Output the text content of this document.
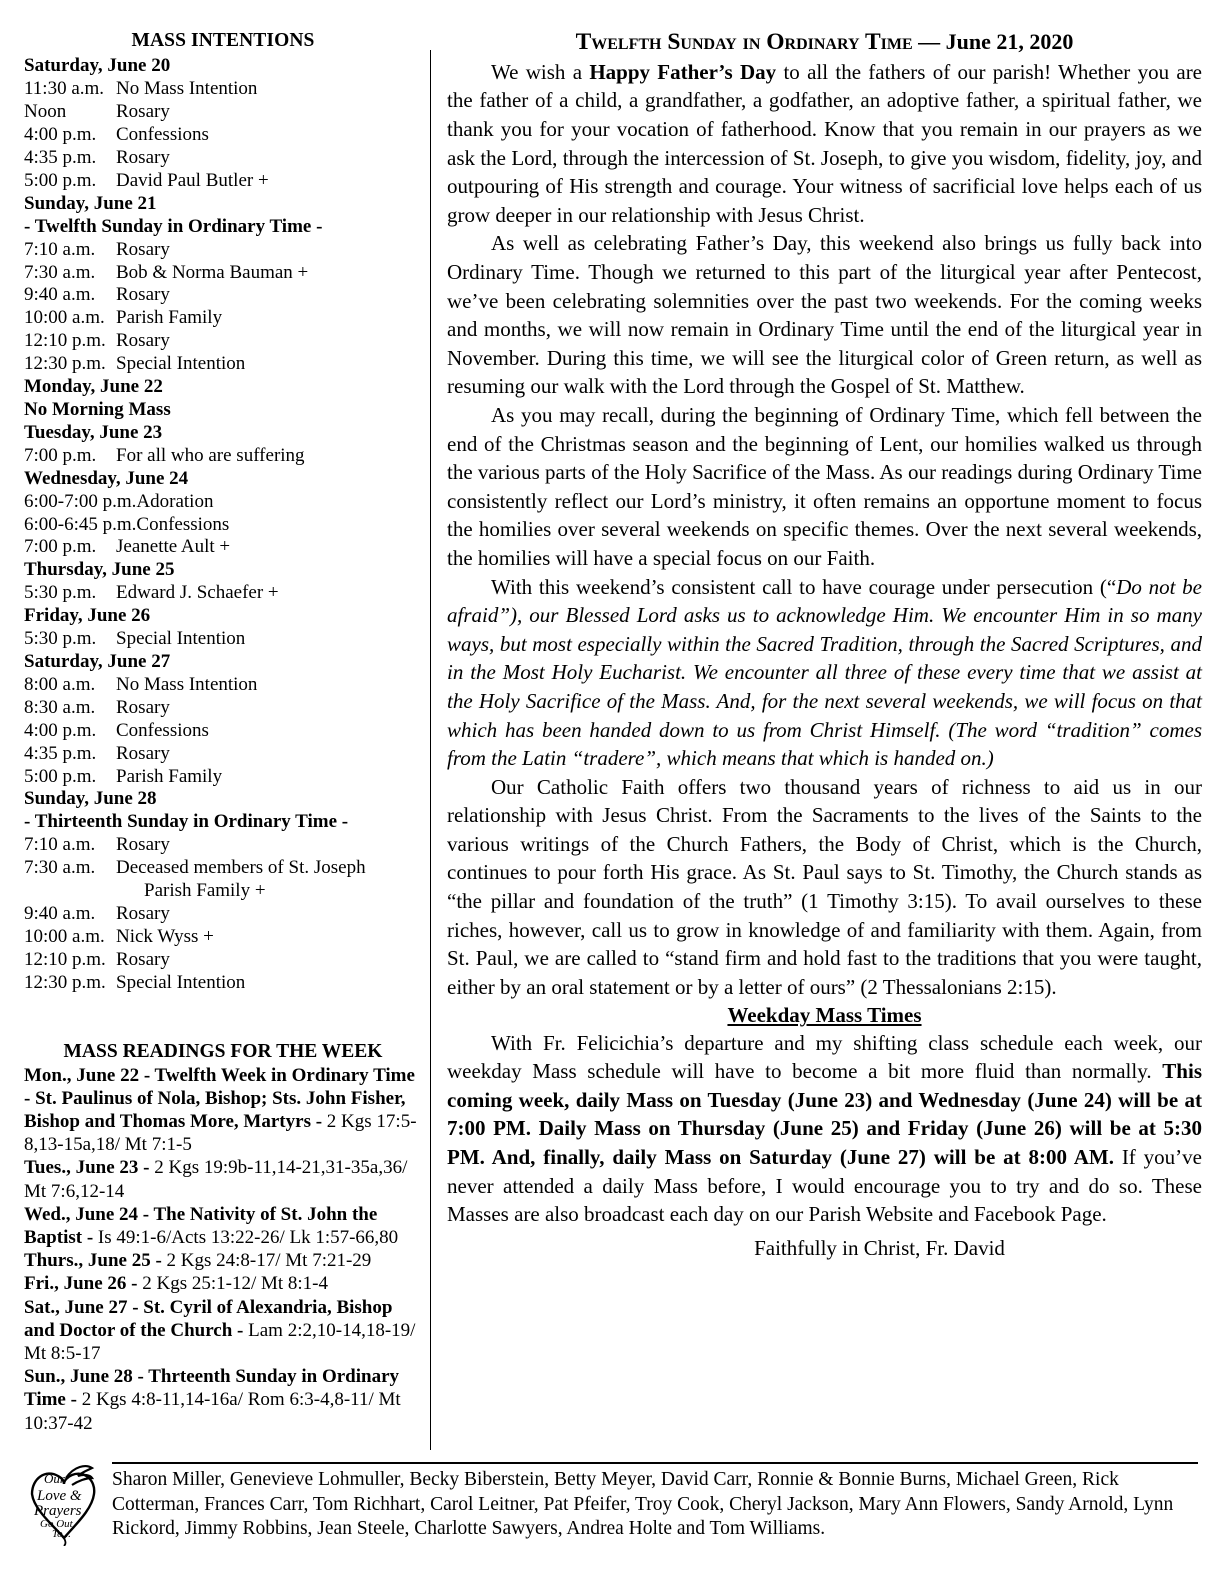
MASS INTENTIONS
Saturday, June 20
11:30 a.m. No Mass Intention
Noon	Rosary
4:00 p.m. Confessions
4:35 p.m. Rosary
5:00 p.m. David Paul Butler +
Sunday, June 21
- Twelfth Sunday in Ordinary Time -
7:10 a.m. Rosary
7:30 a.m. Bob & Norma Bauman +
9:40 a.m. Rosary
10:00 a.m. Parish Family
12:10 p.m. Rosary
12:30 p.m. Special Intention
Monday, June 22
No Morning Mass
Tuesday, June 23
7:00 p.m. For all who are suffering
Wednesday, June 24
6:00-7:00 p.m.Adoration
6:00-6:45 p.m.Confessions
7:00 p.m. Jeanette Ault +
Thursday, June 25
5:30 p.m. Edward J. Schaefer +
Friday, June 26
5:30 p.m. Special Intention
Saturday, June 27
8:00 a.m. No Mass Intention
8:30 a.m. Rosary
4:00 p.m. Confessions
4:35 p.m. Rosary
5:00 p.m. Parish Family
Sunday, June 28
- Thirteenth Sunday in Ordinary Time -
7:10 a.m. Rosary
7:30 a.m. Deceased members of St. Joseph
Parish Family +
9:40 a.m. Rosary
10:00 a.m. Nick Wyss +
12:10 p.m. Rosary
12:30 p.m. Special Intention
MASS READINGS FOR THE WEEK

Mon., June 22 - Twelfth Week in Ordinary Time - St. Paulinus of Nola, Bishop; Sts. John Fisher, Bishop and Thomas More, Martyrs - 2 Kgs 17:5-8,13-15a,18/ Mt 7:1-5

Tues., June 23 - 2 Kgs 19:9b-11,14-21,31-35a,36/ Mt 7:6,12-14

Wed., June 24 - The Nativity of St. John the Baptist - Is 49:1-6/Acts 13:22-26/ Lk 1:57-66,80

Thurs., June 25 - 2 Kgs 24:8-17/ Mt 7:21-29

Fri., June 26 - 2 Kgs 25:1-12/ Mt 8:1-4

Sat., June 27 - St. Cyril of Alexandria, Bishop and Doctor of the Church - Lam 2:2,10-14,18-19/ Mt 8:5-17

Sun., June 28 - Thrteenth Sunday in Ordinary Time - 2 Kgs 4:8-11,14-16a/ Rom 6:3-4,8-11/ Mt 10:37-42

Twelfth Sunday in Ordinary Time — June 21, 2020

We wish a Happy Father’s Day to all the fathers of our parish! Whether you are the father of a child, a grandfather, a godfather, an adoptive father, a spiritual father, we thank you for your vocation of fatherhood. Know that you remain in our prayers as we ask the Lord, through the intercession of St. Joseph, to give you wisdom, fidelity, joy, and outpouring of His strength and courage. Your witness of sacrificial love helps each of us grow deeper in our relationship with Jesus Christ.

As well as celebrating Father’s Day, this weekend also brings us fully back into Ordinary Time. Though we returned to this part of the liturgical year after Pentecost, we’ve been celebrating solemnities over the past two weekends. For the coming weeks and months, we will now remain in Ordinary Time until the end of the liturgical year in November. During this time, we will see the liturgical color of Green return, as well as resuming our walk with the Lord through the Gospel of St. Matthew.

As you may recall, during the beginning of Ordinary Time, which fell between the end of the Christmas season and the beginning of Lent, our homilies walked us through the various parts of the Holy Sacrifice of the Mass. As our readings during Ordinary Time consistently reflect our Lord’s ministry, it often remains an opportune moment to focus the homilies over several weekends on specific themes. Over the next several weekends, the homilies will have a special focus on our Faith.

With this weekend’s consistent call to have courage under persecution (“Do not be afraid”), our Blessed Lord asks us to acknowledge Him. We encounter Him in so many ways, but most especially within the Sacred Tradition, through the Sacred Scriptures, and in the Most Holy Eucharist. We encounter all three of these every time that we assist at the Holy Sacrifice of the Mass. And, for the next several weekends, we will focus on that which has been handed down to us from Christ Himself. (The word “tradition” comes from the Latin “tradere”, which means that which is handed on.)

Our Catholic Faith offers two thousand years of richness to aid us in our relationship with Jesus Christ. From the Sacraments to the lives of the Saints to the various writings of the Church Fathers, the Body of Christ, which is the Church, continues to pour forth His grace. As St. Paul says to St. Timothy, the Church stands as “the pillar and foundation of the truth” (1 Timothy 3:15). To avail ourselves to these riches, however, call us to grow in knowledge of and familiarity with them. Again, from St. Paul, we are called to “stand firm and hold fast to the traditions that you were taught, either by an oral statement or by a letter of ours” (2 Thessalonians 2:15).

Weekday Mass Times

With Fr. Felicichia’s departure and my shifting class schedule each week, our weekday Mass schedule will have to become a bit more fluid than normally. This coming week, daily Mass on Tuesday (June 23) and Wednesday (June 24) will be at 7:00 PM. Daily Mass on Thursday (June 25) and Friday (June 26) will be at 5:30 PM. And, finally, daily Mass on Saturday (June 27) will be at 8:00 AM. If you’ve never attended a daily Mass before, I would encourage you to try and do so. These Masses are also broadcast each day on our Parish Website and Facebook Page.

Faithfully in Christ, Fr. David
Our
Love &
Prayers
Go Out
To...
Sharon Miller, Genevieve Lohmuller, Becky Biberstein, Betty Meyer, David Carr, Ronnie & Bonnie Burns, Michael Green, Rick Cotterman, Frances Carr, Tom Richhart, Carol Leitner, Pat Pfeifer, Troy Cook, Cheryl Jackson, Mary Ann Flowers, Sandy Arnold, Lynn Rickord, Jimmy Robbins, Jean Steele, Charlotte Sawyers, Andrea Holte and Tom Williams.
